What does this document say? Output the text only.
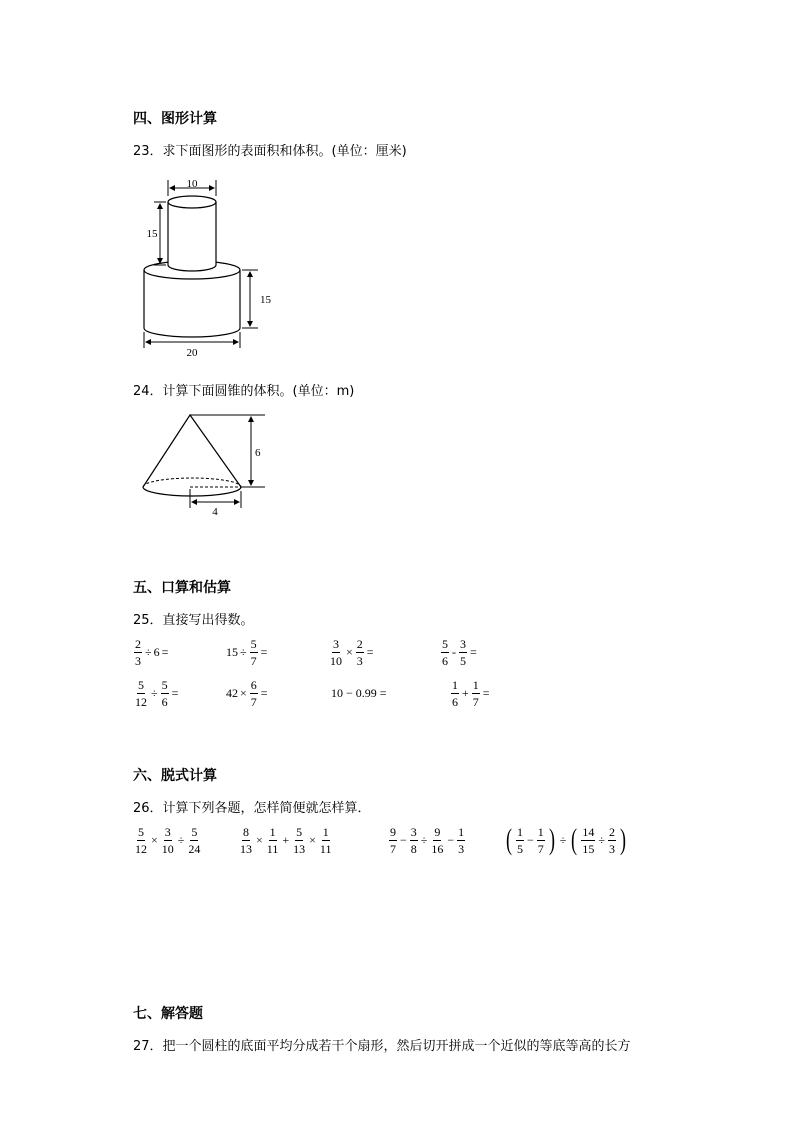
四、图形计算
23．求下面图形的表面积和体积。(单位：厘米)
10
15
15
20
24．计算下面圆锥的体积。(单位：m)
6
4
五、口算和估算
25．直接写出得数。
$\frac{2}{3} \div 6$ =	$15 \div \frac{5}{7}$ =	$\frac{3}{10} \times \frac{2}{3}$ =	$\frac{5}{6} - \frac{3}{5}$ =
$\frac{5}{12} \div \frac{5}{6}$ =	$42 \times \frac{6}{7}$ =	10 − 0.99 =	$\frac{1}{6} + \frac{1}{7}$ =
六、脱式计算
26．计算下列各题，怎样简便就怎样算．
$\frac{5}{12} \times \frac{3}{10} \div \frac{5}{24}$	$\frac{8}{13} \times \frac{1}{11} + \frac{5}{13} \times \frac{1}{11}$	$\frac{9}{7} - \frac{3}{8} \div \frac{9}{16} - \frac{1}{3}$ ( $\frac{1}{5} - \frac{1}{7}$ ) ÷ ( $\frac{14}{15} \div \frac{2}{3}$ )
七、解答题
27．把一个圆柱的底面平均分成若干个扇形，然后切开拼成一个近似的等底等高的长方
